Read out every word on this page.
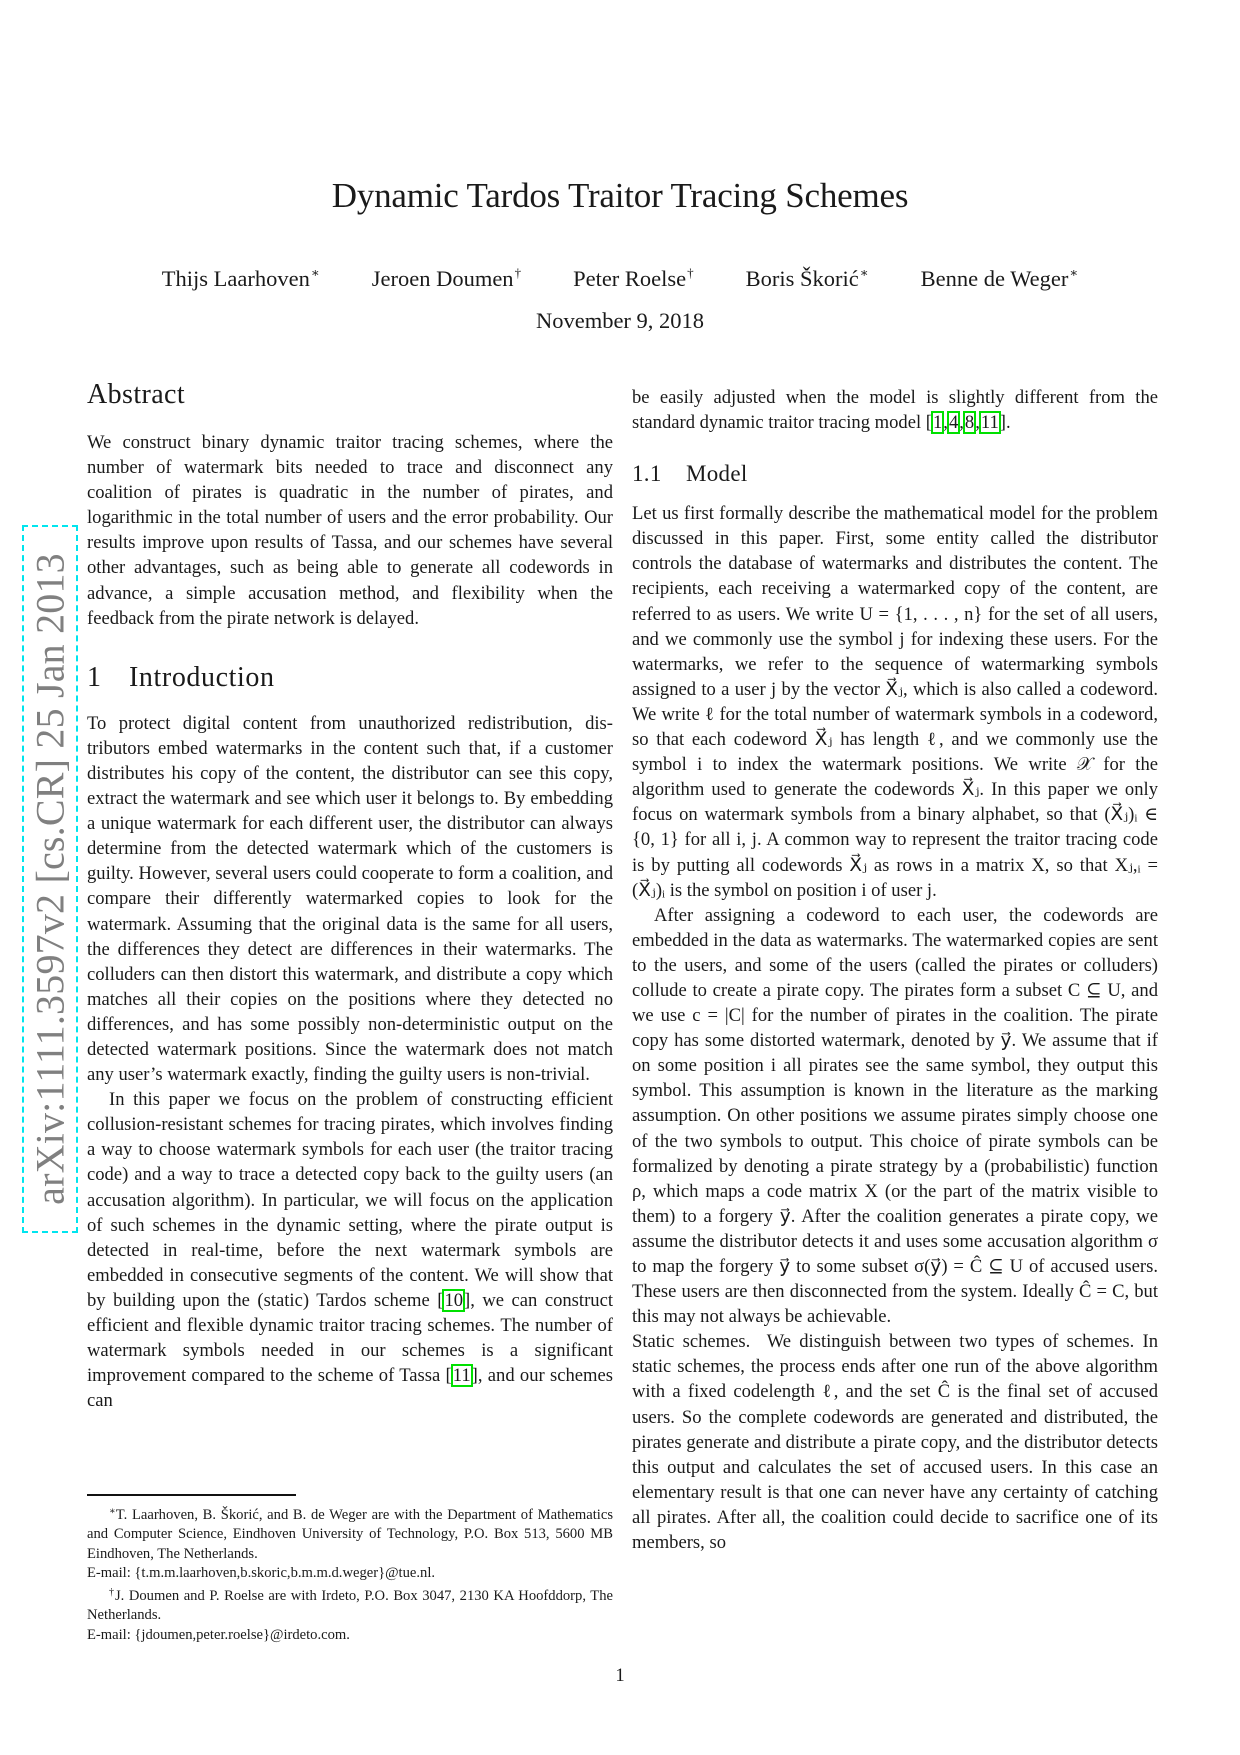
Dynamic Tardos Traitor Tracing Schemes
Thijs Laarhoven∗ Jeroen Doumen† Peter Roelse† Boris Škorić∗ Benne de Weger∗
November 9, 2018
arXiv:1111.3597v2 [cs.CR] 25 Jan 2013
Abstract

We construct binary dynamic traitor tracing schemes, where the number of watermark bits needed to trace and disconnect any coalition of pirates is quadratic in the number of pirates, and logarithmic in the total number of users and the error probability. Our results improve upon results of Tassa, and our schemes have several other advantages, such as being able to generate all codewords in advance, a simple accusation method, and flexibility when the feedback from the pirate network is delayed.

1 Introduction

To protect digital content from unauthorized redistribution, distributors embed watermarks in the content such that, if a customer distributes his copy of the content, the distributor can see this copy, extract the watermark and see which user it belongs to. By embedding a unique watermark for each different user, the distributor can always determine from the detected watermark which of the customers is guilty. However, several users could cooperate to form a coalition, and compare their differently watermarked copies to look for the watermark. Assuming that the original data is the same for all users, the differences they detect are differences in their watermarks. The colluders can then distort this watermark, and distribute a copy which matches all their copies on the positions where they detected no differences, and has some possibly non-deterministic output on the detected watermark positions. Since the watermark does not match any user’s watermark exactly, finding the guilty users is non-trivial.

In this paper we focus on the problem of constructing efficient collusion-resistant schemes for tracing pirates, which involves finding a way to choose watermark symbols for each user (the traitor tracing code) and a way to trace a detected copy back to the guilty users (an accusation algorithm). In particular, we will focus on the application of such schemes in the dynamic setting, where the pirate output is detected in real-time, before the next watermark symbols are embedded in consecutive segments of the content. We will show that by building upon the (static) Tardos scheme [10], we can construct efficient and flexible dynamic traitor tracing schemes. The number of watermark symbols needed in our schemes is a significant improvement compared to the scheme of Tassa [11], and our schemes can

∗T. Laarhoven, B. Škorić, and B. de Weger are with the Department of Mathematics and Computer Science, Eindhoven University of Technology, P.O. Box 513, 5600 MB Eindhoven, The Netherlands.

E-mail: {t.m.m.laarhoven,b.skoric,b.m.m.d.weger}@tue.nl.

†J. Doumen and P. Roelse are with Irdeto, P.O. Box 3047, 2130 KA Hoofddorp, The Netherlands.

E-mail: {jdoumen,peter.roelse}@irdeto.com.

be easily adjusted when the model is slightly different from the standard dynamic traitor tracing model [1,4,8,11].

1.1 Model

Let us first formally describe the mathematical model for the problem discussed in this paper. First, some entity called the distributor controls the database of watermarks and distributes the content. The recipients, each receiving a watermarked copy of the content, are referred to as users. We write U = {1, . . . , n} for the set of all users, and we commonly use the symbol j for indexing these users. For the watermarks, we refer to the sequence of watermarking symbols assigned to a user j by the vector X⃗ⱼ, which is also called a codeword. We write ℓ for the total number of watermark symbols in a codeword, so that each codeword X⃗ⱼ has length ℓ, and we commonly use the symbol i to index the watermark positions. We write 𝒳 for the algorithm used to generate the codewords X⃗ⱼ. In this paper we only focus on watermark symbols from a binary alphabet, so that (X⃗ⱼ)ᵢ ∈ {0, 1} for all i, j. A common way to represent the traitor tracing code is by putting all codewords X⃗ⱼ as rows in a matrix X, so that Xⱼ,ᵢ = (X⃗ⱼ)ᵢ is the symbol on position i of user j.

After assigning a codeword to each user, the codewords are embedded in the data as watermarks. The watermarked copies are sent to the users, and some of the users (called the pirates or colluders) collude to create a pirate copy. The pirates form a subset C ⊆ U, and we use c = |C| for the number of pirates in the coalition. The pirate copy has some distorted watermark, denoted by y⃗. We assume that if on some position i all pirates see the same symbol, they output this symbol. This assumption is known in the literature as the marking assumption. On other positions we assume pirates simply choose one of the two symbols to output. This choice of pirate symbols can be formalized by denoting a pirate strategy by a (probabilistic) function ρ, which maps a code matrix X (or the part of the matrix visible to them) to a forgery y⃗. After the coalition generates a pirate copy, we assume the distributor detects it and uses some accusation algorithm σ to map the forgery y⃗ to some subset σ(y⃗) = Ĉ ⊆ U of accused users. These users are then disconnected from the system. Ideally Ĉ = C, but this may not always be achievable.

Static schemes. We distinguish between two types of schemes. In static schemes, the process ends after one run of the above algorithm with a fixed codelength ℓ, and the set Ĉ is the final set of accused users. So the complete codewords are generated and distributed, the pirates generate and distribute a pirate copy, and the distributor detects this output and calculates the set of accused users. In this case an elementary result is that one can never have any certainty of catching all pirates. After all, the coalition could decide to sacrifice one of its members, so

1
